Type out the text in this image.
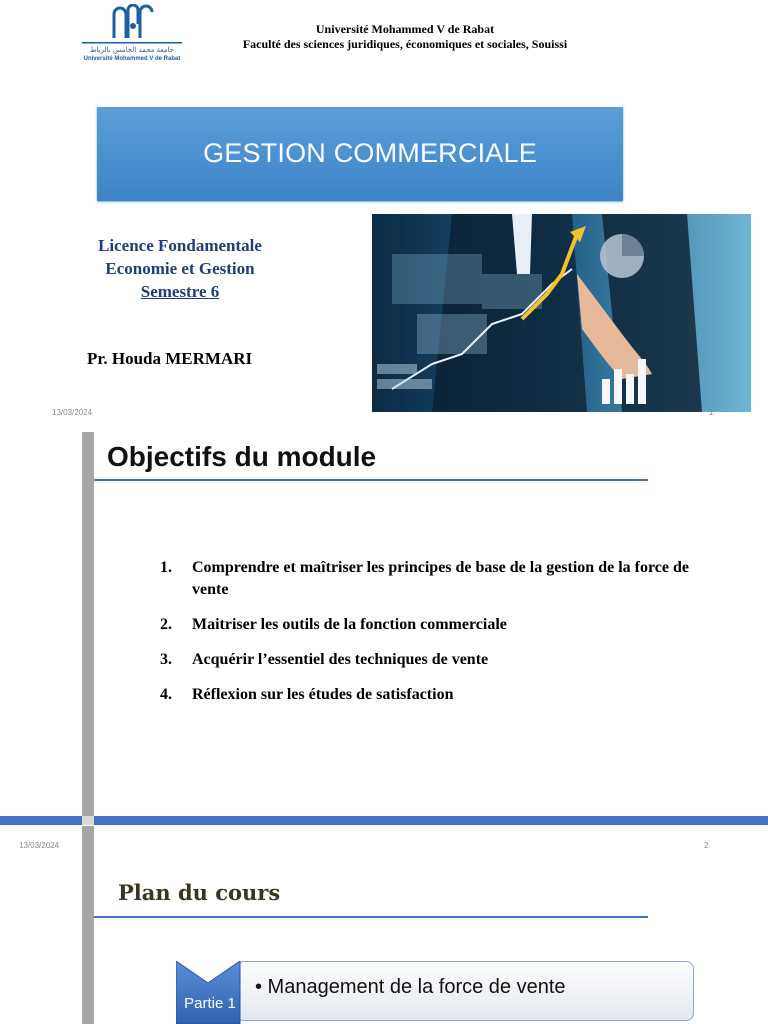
جامعة محمد الخامس بالرباط
Université Mohammed V de Rabat
Université Mohammed V de Rabat
Faculté des sciences juridiques, économiques et sociales, Souissi
GESTION COMMERCIALE
Licence Fondamentale
Economie et Gestion
Semestre 6
Pr. Houda MERMARI
13/03/2024	1
Objectifs du module
1.	Comprendre et maîtriser les principes de base de la gestion de la force de vente
2.	Maitriser les outils de la fonction commerciale
3.	Acquérir l’essentiel des techniques de vente
4.	Réflexion sur les études de satisfaction
13/03/2024	2
Plan du cours
• Management de la force de vente
Partie 1
